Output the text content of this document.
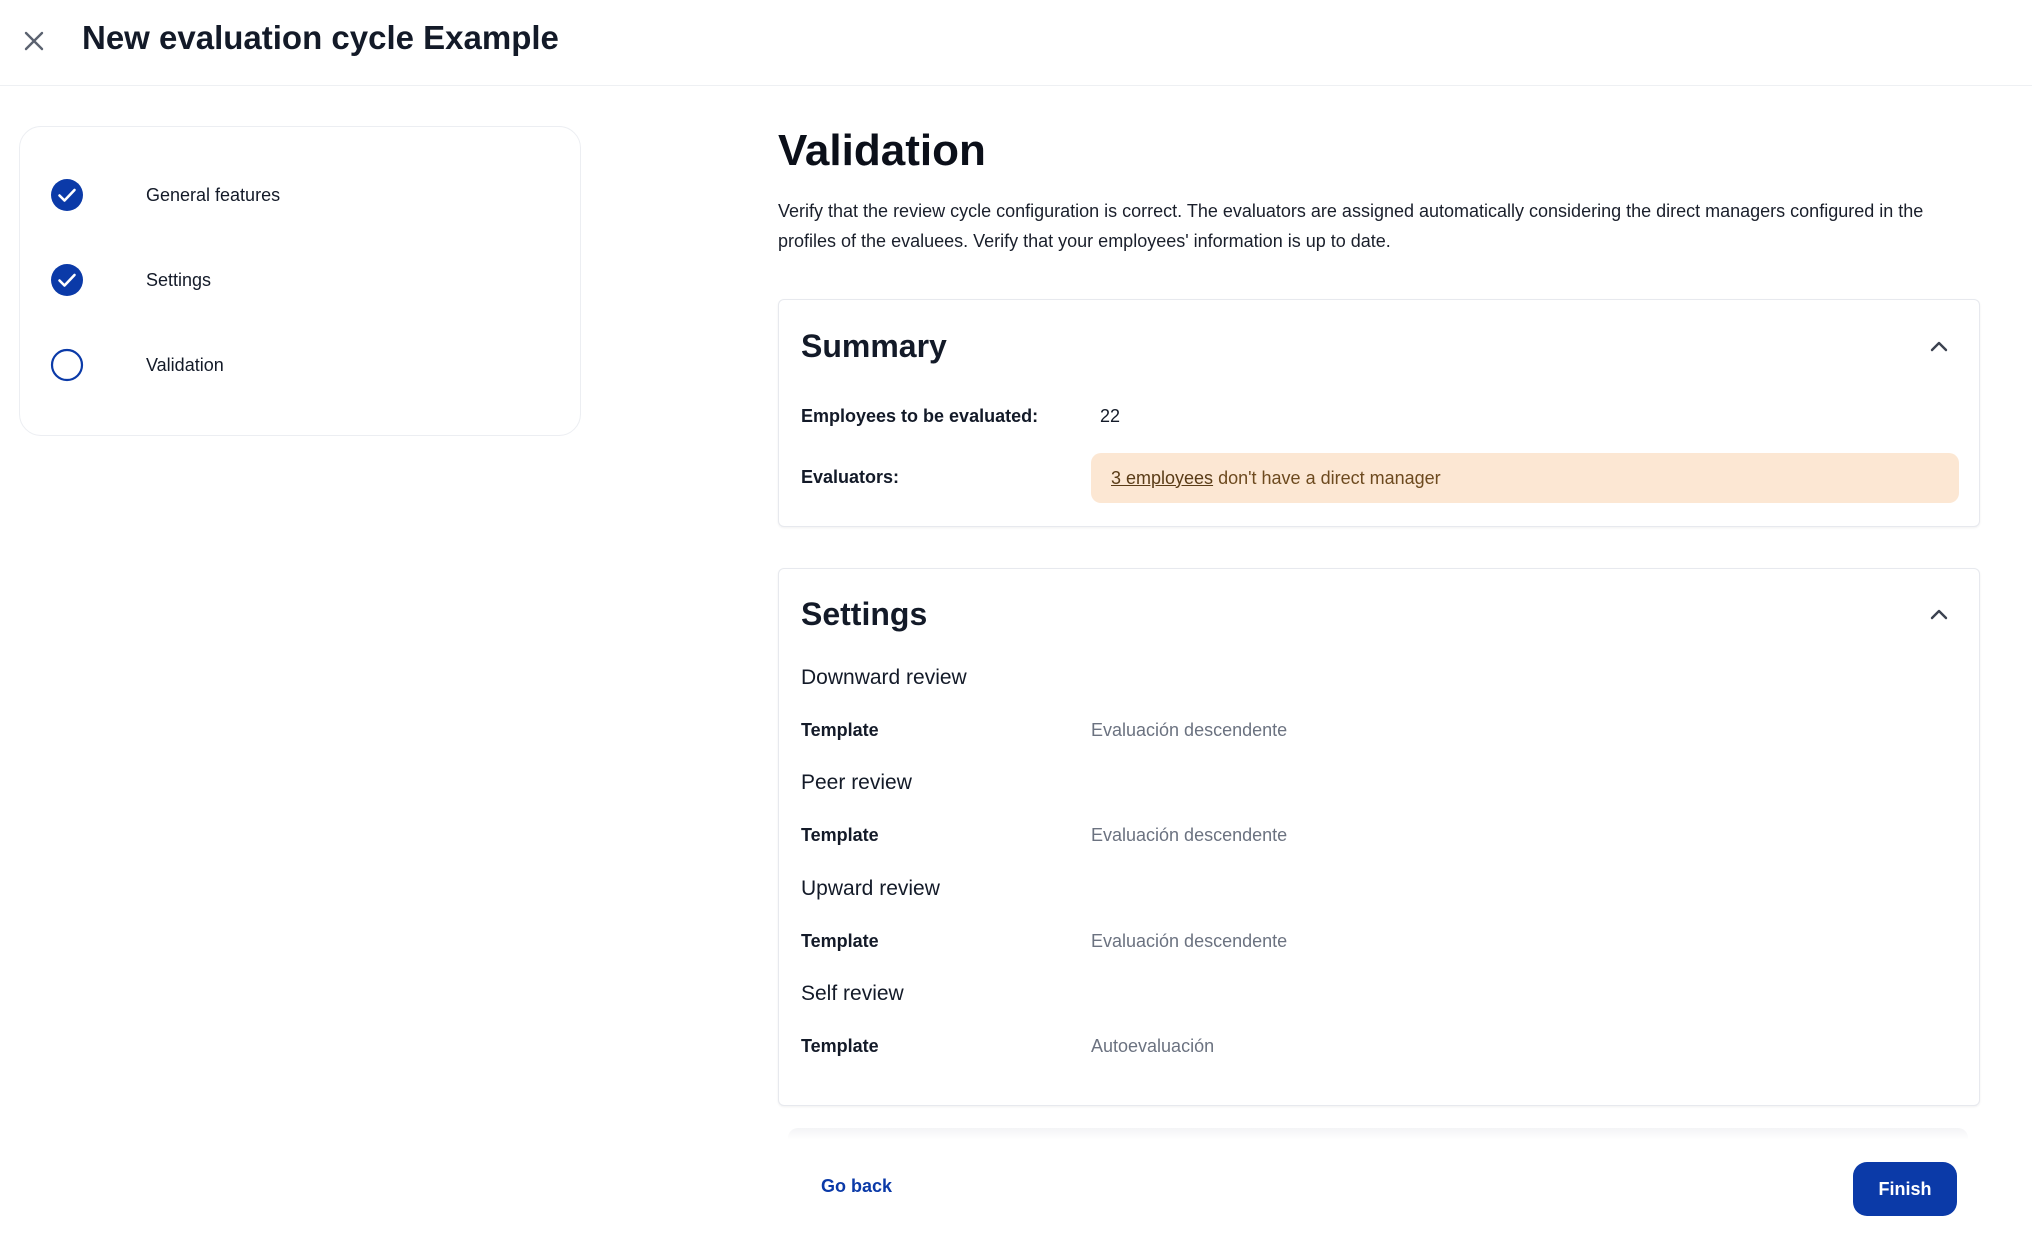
New evaluation cycle Example
General features
Settings
Validation
Validation
Verify that the review cycle configuration is correct. The evaluators are assigned automatically considering the direct managers configured in the profiles of the evaluees. Verify that your employees' information is up to date.
Summary
Employees to be evaluated:	22
Evaluators:	3 employees don't have a direct manager
Settings
Downward review
Template	Evaluación descendente
Peer review
Template	Evaluación descendente
Upward review
Template	Evaluación descendente
Self review
Template	Autoevaluación
Go back	Finish
